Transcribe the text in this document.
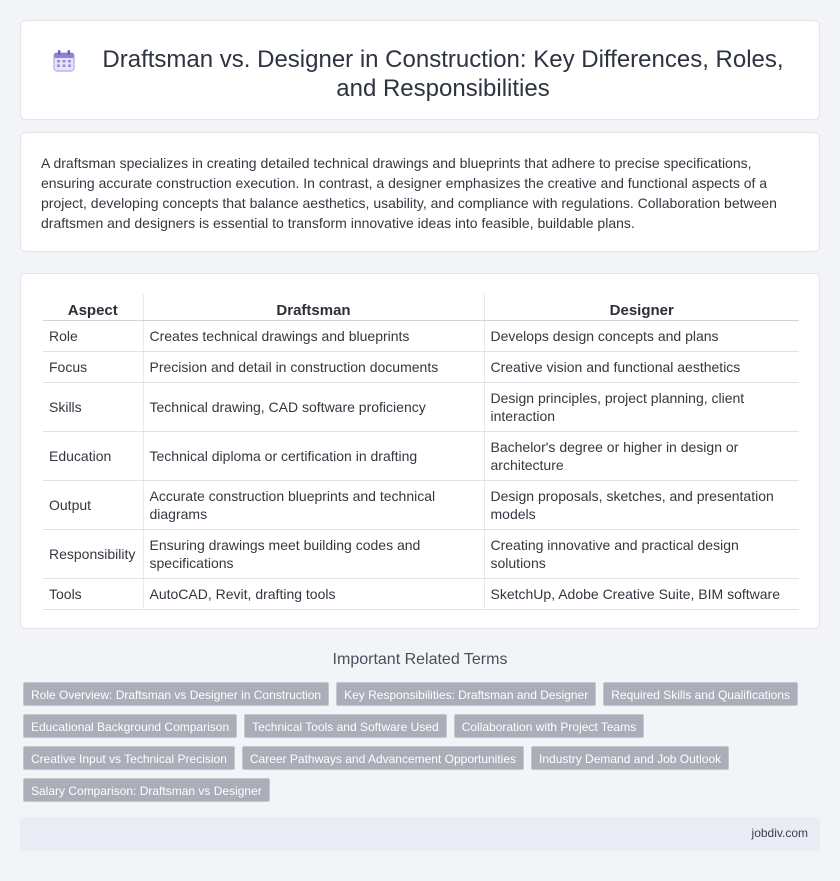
Draftsman vs. Designer in Construction: Key Differences, Roles, and Responsibilities

A draftsman specializes in creating detailed technical drawings and blueprints that adhere to precise specifications, ensuring accurate construction execution. In contrast, a designer emphasizes the creative and functional aspects of a project, developing concepts that balance aesthetics, usability, and compliance with regulations. Collaboration between draftsmen and designers is essential to transform innovative ideas into feasible, buildable plans.

Aspect	Draftsman	Designer
Role	Creates technical drawings and blueprints	Develops design concepts and plans
Focus	Precision and detail in construction documents	Creative vision and functional aesthetics
Skills	Technical drawing, CAD software proficiency	Design principles, project planning, client interaction
Education	Technical diploma or certification in drafting	Bachelor's degree or higher in design or architecture
Output	Accurate construction blueprints and technical diagrams	Design proposals, sketches, and presentation models
Responsibility	Ensuring drawings meet building codes and specifications	Creating innovative and practical design solutions
Tools	AutoCAD, Revit, drafting tools	SketchUp, Adobe Creative Suite, BIM software
Important Related Terms
Role Overview: Draftsman vs Designer in Construction	Key Responsibilities: Draftsman and Designer	Required Skills and Qualifications
Educational Background Comparison	Technical Tools and Software Used	Collaboration with Project Teams
Creative Input vs Technical Precision	Career Pathways and Advancement Opportunities	Industry Demand and Job Outlook
Salary Comparison: Draftsman vs Designer
jobdiv.com
